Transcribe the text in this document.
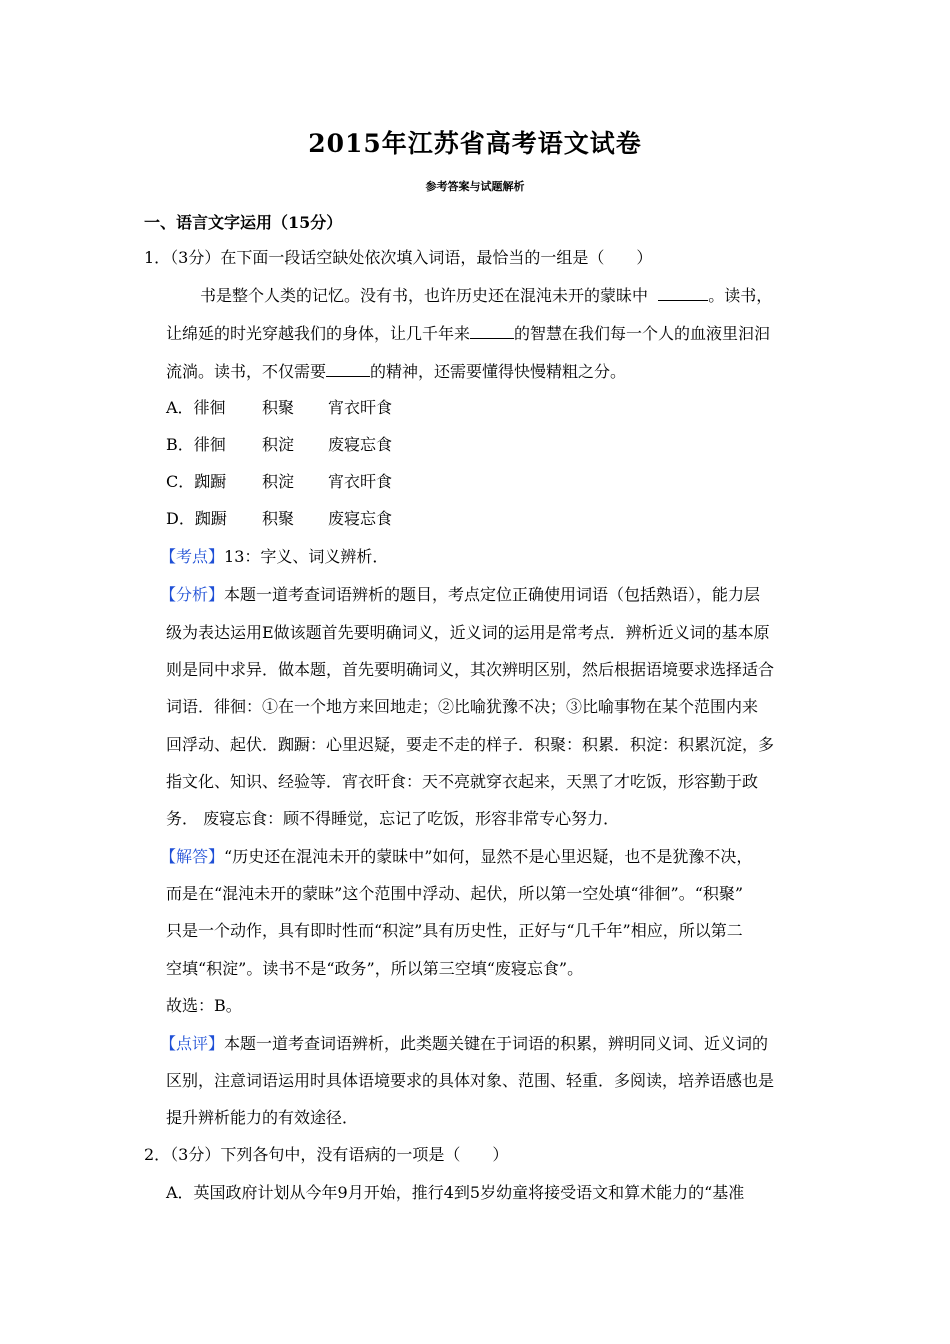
2015年江苏省高考语文试卷
参考答案与试题解析
一、语言文字运用（15分）
1．（3分）在下面一段话空缺处依次填入词语，最恰当的一组是（　　）
书是整个人类的记忆。没有书，也许历史还在混沌未开的蒙昧中	。读书，
让绵延的时光穿越我们的身体，让几千年来	的智慧在我们每一个人的血液里汩汩
流淌。读书，不仅需要	的精神，还需要懂得快慢精粗之分。
A．徘徊 积聚 宵衣旰食
B．徘徊 积淀 废寝忘食
C．踟蹰 积淀 宵衣旰食
D．踟蹰 积聚 废寝忘食
【考点】13：字义、词义辨析．
【分析】本题一道考查词语辨析的题目，考点定位正确使用词语（包括熟语），能力层
级为表达运用E做该题首先要明确词义，近义词的运用是常考点．辨析近义词的基本原
则是同中求异．做本题，首先要明确词义，其次辨明区别，然后根据语境要求选择适合
词语．徘徊：①在一个地方来回地走；②比喻犹豫不决；③比喻事物在某个范围内来
回浮动、起伏．踟蹰：心里迟疑，要走不走的样子．积聚：积累．积淀：积累沉淀，多
指文化、知识、经验等．宵衣旰食：天不亮就穿衣起来，天黑了才吃饭，形容勤于政
务． 废寝忘食：顾不得睡觉，忘记了吃饭，形容非常专心努力．
【解答】“历史还在混沌未开的蒙昧中”如何，显然不是心里迟疑，也不是犹豫不决，
而是在“混沌未开的蒙昧”这个范围中浮动、起伏，所以第一空处填“徘徊”。“积聚”
只是一个动作，具有即时性而“积淀”具有历史性，正好与“几千年”相应，所以第二
空填“积淀”。读书不是“政务”，所以第三空填“废寝忘食”。
故选：B。
【点评】本题一道考查词语辨析，此类题关键在于词语的积累，辨明同义词、近义词的
区别，注意词语运用时具体语境要求的具体对象、范围、轻重．多阅读，培养语感也是
提升辨析能力的有效途径．
2．（3分）下列各句中，没有语病的一项是（　　）
A．英国政府计划从今年9月开始，推行4到5岁幼童将接受语文和算术能力的“基准
